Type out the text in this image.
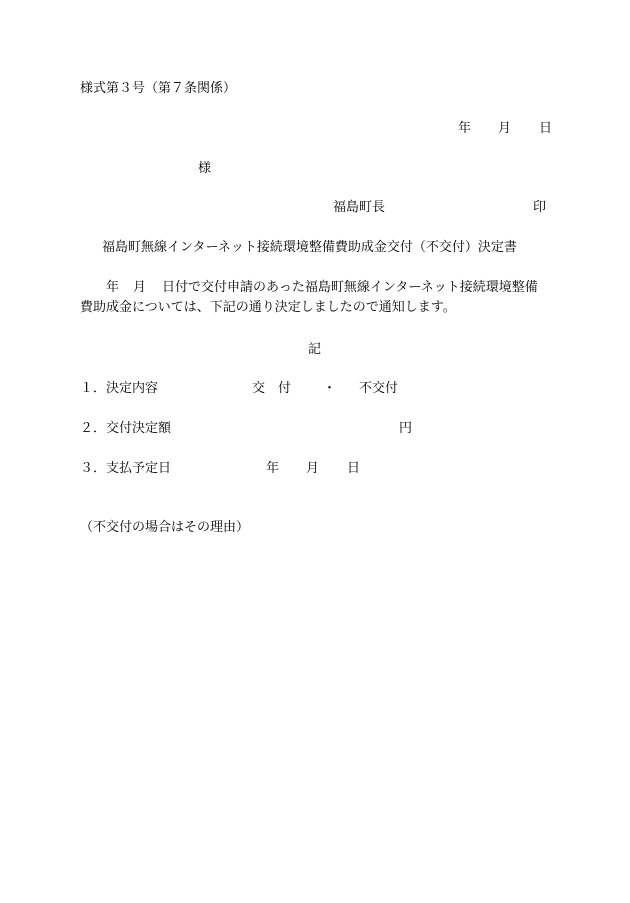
様式第３号（第７条関係）
年 月 日
様
福島町長	印
福島町無線インターネット接続環境整備費助成金交付（不交付）決定書
年 月 日付で交付申請のあった福島町無線インターネット接続環境整備
費助成金については、下記の通り決定しましたので通知します。
記
１．決定内容	交　付 ・ 不交付
２．交付決定額	円
３．支払予定日	年 月 日
（不交付の場合はその理由）
